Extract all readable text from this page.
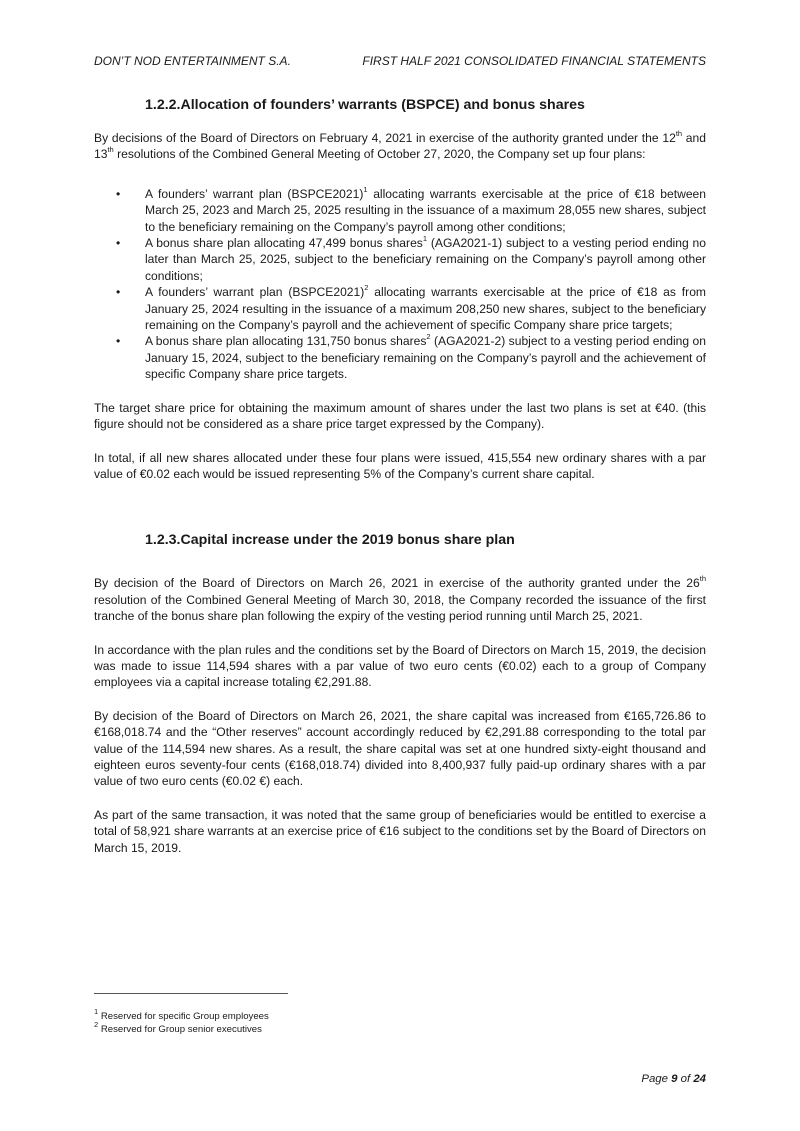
DON’T NOD ENTERTAINMENT S.A.	FIRST HALF 2021 CONSOLIDATED FINANCIAL STATEMENTS
1.2.2.Allocation of founders’ warrants (BSPCE) and bonus shares

By decisions of the Board of Directors on February 4, 2021 in exercise of the authority granted under the 12th and 13th resolutions of the Combined General Meeting of October 27, 2020, the Company set up four plans:

• A founders’ warrant plan (BSPCE2021)$^1$ allocating warrants exercisable at the price of €18 between March 25, 2023 and March 25, 2025 resulting in the issuance of a maximum 28,055 new shares, subject to the beneficiary remaining on the Company’s payroll among other conditions;
• A bonus share plan allocating 47,499 bonus shares$^1$ (AGA2021-1) subject to a vesting period ending no later than March 25, 2025, subject to the beneficiary remaining on the Company’s payroll among other conditions;
• A founders’ warrant plan (BSPCE2021)$^2$ allocating warrants exercisable at the price of €18 as from January 25, 2024 resulting in the issuance of a maximum 208,250 new shares, subject to the beneficiary remaining on the Company’s payroll and the achievement of specific Company share price targets;
• A bonus share plan allocating 131,750 bonus shares$^2$ (AGA2021-2) subject to a vesting period ending on January 15, 2024, subject to the beneficiary remaining on the Company’s payroll and the achievement of specific Company share price targets.

The target share price for obtaining the maximum amount of shares under the last two plans is set at €40. (this figure should not be considered as a share price target expressed by the Company).

In total, if all new shares allocated under these four plans were issued, 415,554 new ordinary shares with a par value of €0.02 each would be issued representing 5% of the Company’s current share capital.

1.2.3.Capital increase under the 2019 bonus share plan

By decision of the Board of Directors on March 26, 2021 in exercise of the authority granted under the 26th resolution of the Combined General Meeting of March 30, 2018, the Company recorded the issuance of the first tranche of the bonus share plan following the expiry of the vesting period running until March 25, 2021.

In accordance with the plan rules and the conditions set by the Board of Directors on March 15, 2019, the decision was made to issue 114,594 shares with a par value of two euro cents (€0.02) each to a group of Company employees via a capital increase totaling €2,291.88.

By decision of the Board of Directors on March 26, 2021, the share capital was increased from €165,726.86 to €168,018.74 and the “Other reserves” account accordingly reduced by €2,291.88 corresponding to the total par value of the 114,594 new shares. As a result, the share capital was set at one hundred sixty-eight thousand and eighteen euros seventy-four cents (€168,018.74) divided into 8,400,937 fully paid-up ordinary shares with a par value of two euro cents (€0.02 €) each.

As part of the same transaction, it was noted that the same group of beneficiaries would be entitled to exercise a total of 58,921 share warrants at an exercise price of €16 subject to the conditions set by the Board of Directors on March 15, 2019.

$^1$ Reserved for specific Group employees
$^2$ Reserved for Group senior executives
Page 9 of 24
